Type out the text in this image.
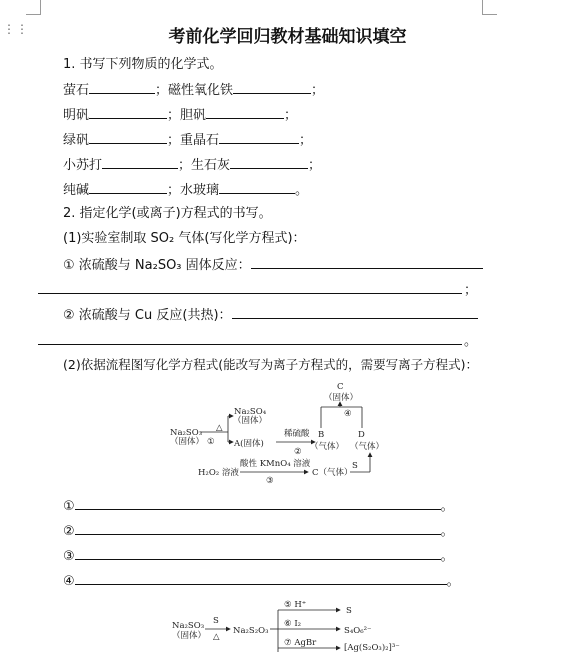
⋮⋮	考前化学回归教材基础知识填空
1. 书写下列物质的化学式。
萤石	；磁性氧化铁	；
明矾	；胆矾	；
绿矾	；重晶石	；
小苏打	；生石灰	；
纯碱	；水玻璃	。
2. 指定化学(或离子)方程式的书写。
(1)实验室制取 SO₂ 气体(写化学方程式)：
① 浓硫酸与 Na₂SO₃ 固体反应：
；
② 浓硫酸与 Cu 反应(共热)：
。
(2)依据流程图写化学方程式(能改写为离子方程式的，需要写离子方程式)：
Na₂SO₃
（固体）
△
①
Na₂SO₄
（固体）
A(固体)
稀硫酸
②
B
（气体）
C
（固体）
④
D
（气体）
H₂O₂ 溶液
酸性 KMnO₄ 溶液
③
C（气体）
S
①	。
②	。
③	。
④	。
Na₂SO₃
（固体）
S
△
Na₂S₂O₃
⑤ H⁺
S
⑥ I₂
S₄O₆²⁻
⑦ AgBr	[Ag(S₂O₃)₂]³⁻
